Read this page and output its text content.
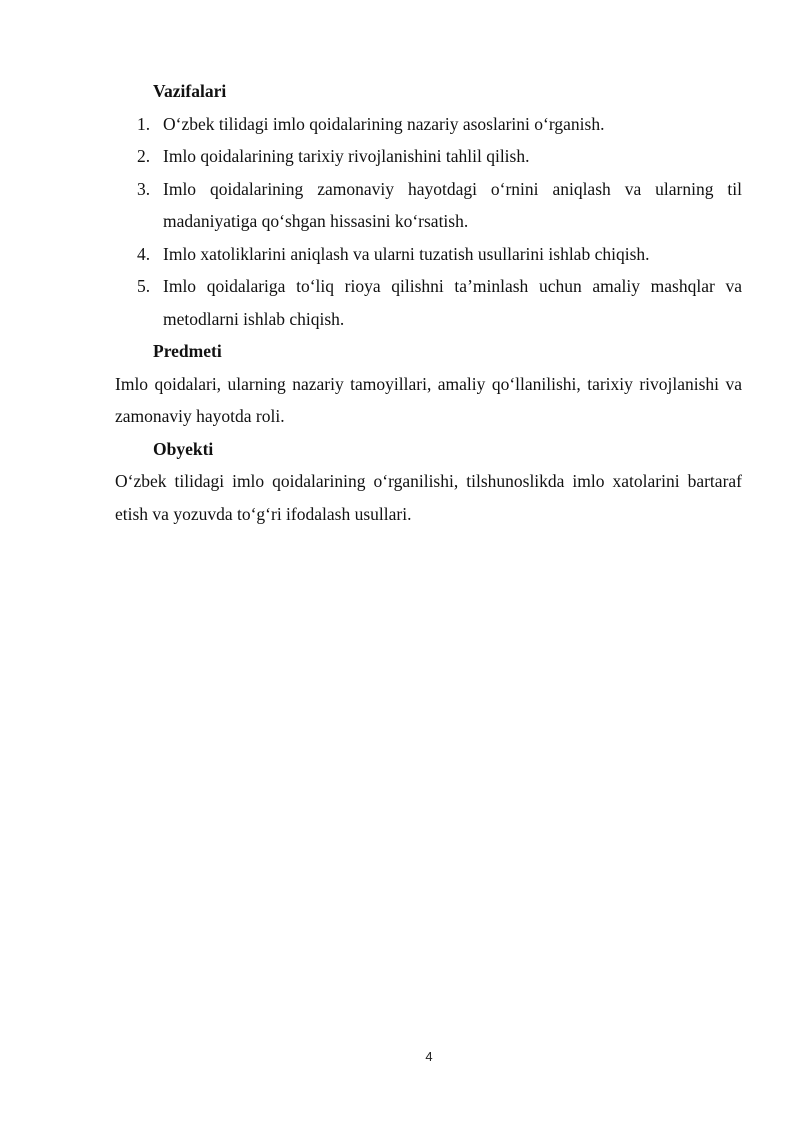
Vazifalari

1. O‘zbek tilidagi imlo qoidalarining nazariy asoslarini o‘rganish.
2. Imlo qoidalarining tarixiy rivojlanishini tahlil qilish.
3. Imlo qoidalarining zamonaviy hayotdagi o‘rnini aniqlash va ularning til madaniyatiga qo‘shgan hissasini ko‘rsatish.
4. Imlo xatoliklarini aniqlash va ularni tuzatish usullarini ishlab chiqish.
5. Imlo qoidalariga to‘liq rioya qilishni ta’minlash uchun amaliy mashqlar va metodlarni ishlab chiqish.

Predmeti

Imlo qoidalari, ularning nazariy tamoyillari, amaliy qo‘llanilishi, tarixiy rivojlanishi va zamonaviy hayotda roli.

Obyekti

O‘zbek tilidagi imlo qoidalarining o‘rganilishi, tilshunoslikda imlo xatolarini bartaraf etish va yozuvda to‘g‘ri ifodalash usullari.

4
